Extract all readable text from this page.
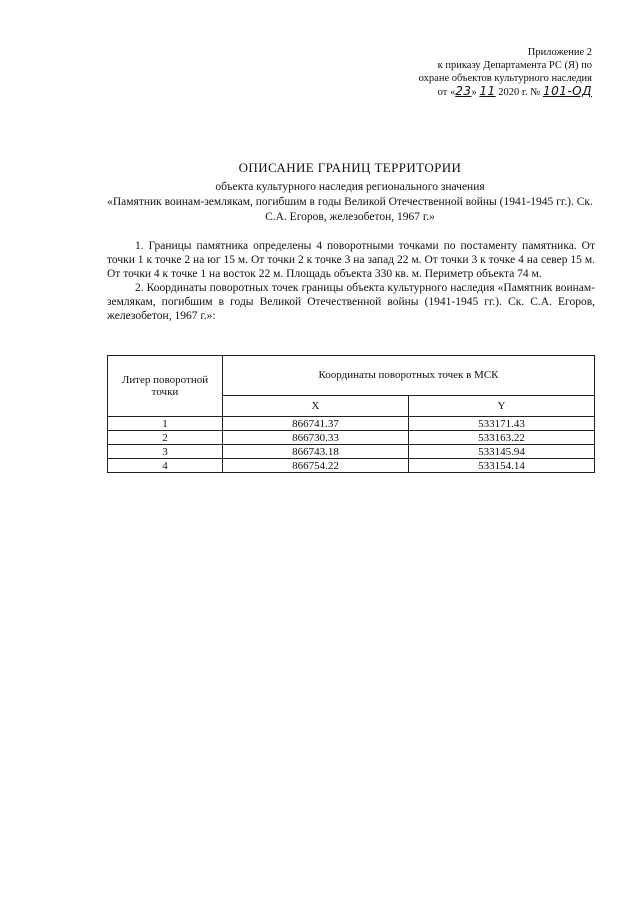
Приложение 2
к приказу Департамента РС (Я) по
охране объектов культурного наследия
от «23» 11 2020 г. № 101-ОД
ОПИСАНИЕ ГРАНИЦ ТЕРРИТОРИИ
объекта культурного наследия регионального значения
«Памятник воинам-землякам, погибшим в годы Великой Отечественной войны (1941-1945 гг.). Ск. С.А. Егоров, железобетон, 1967 г.»

1. Границы памятника определены 4 поворотными точками по постаменту памятника. От точки 1 к точке 2 на юг 15 м. От точки 2 к точке 3 на запад 22 м. От точки 3 к точке 4 на север 15 м. От точки 4 к точке 1 на восток 22 м. Площадь объекта 330 кв. м. Периметр объекта 74 м.

2. Координаты поворотных точек границы объекта культурного наследия «Памятник воинам-землякам, погибшим в годы Великой Отечественной войны (1941-1945 гг.). Ск. С.А. Егоров, железобетон, 1967 г.»:

Литер поворотной точки	Координаты поворотных точек в МСК	
	X	Y
1	866741.37	533171.43
2	866730.33	533163.22
3	866743.18	533145.94
4	866754.22	533154.14
